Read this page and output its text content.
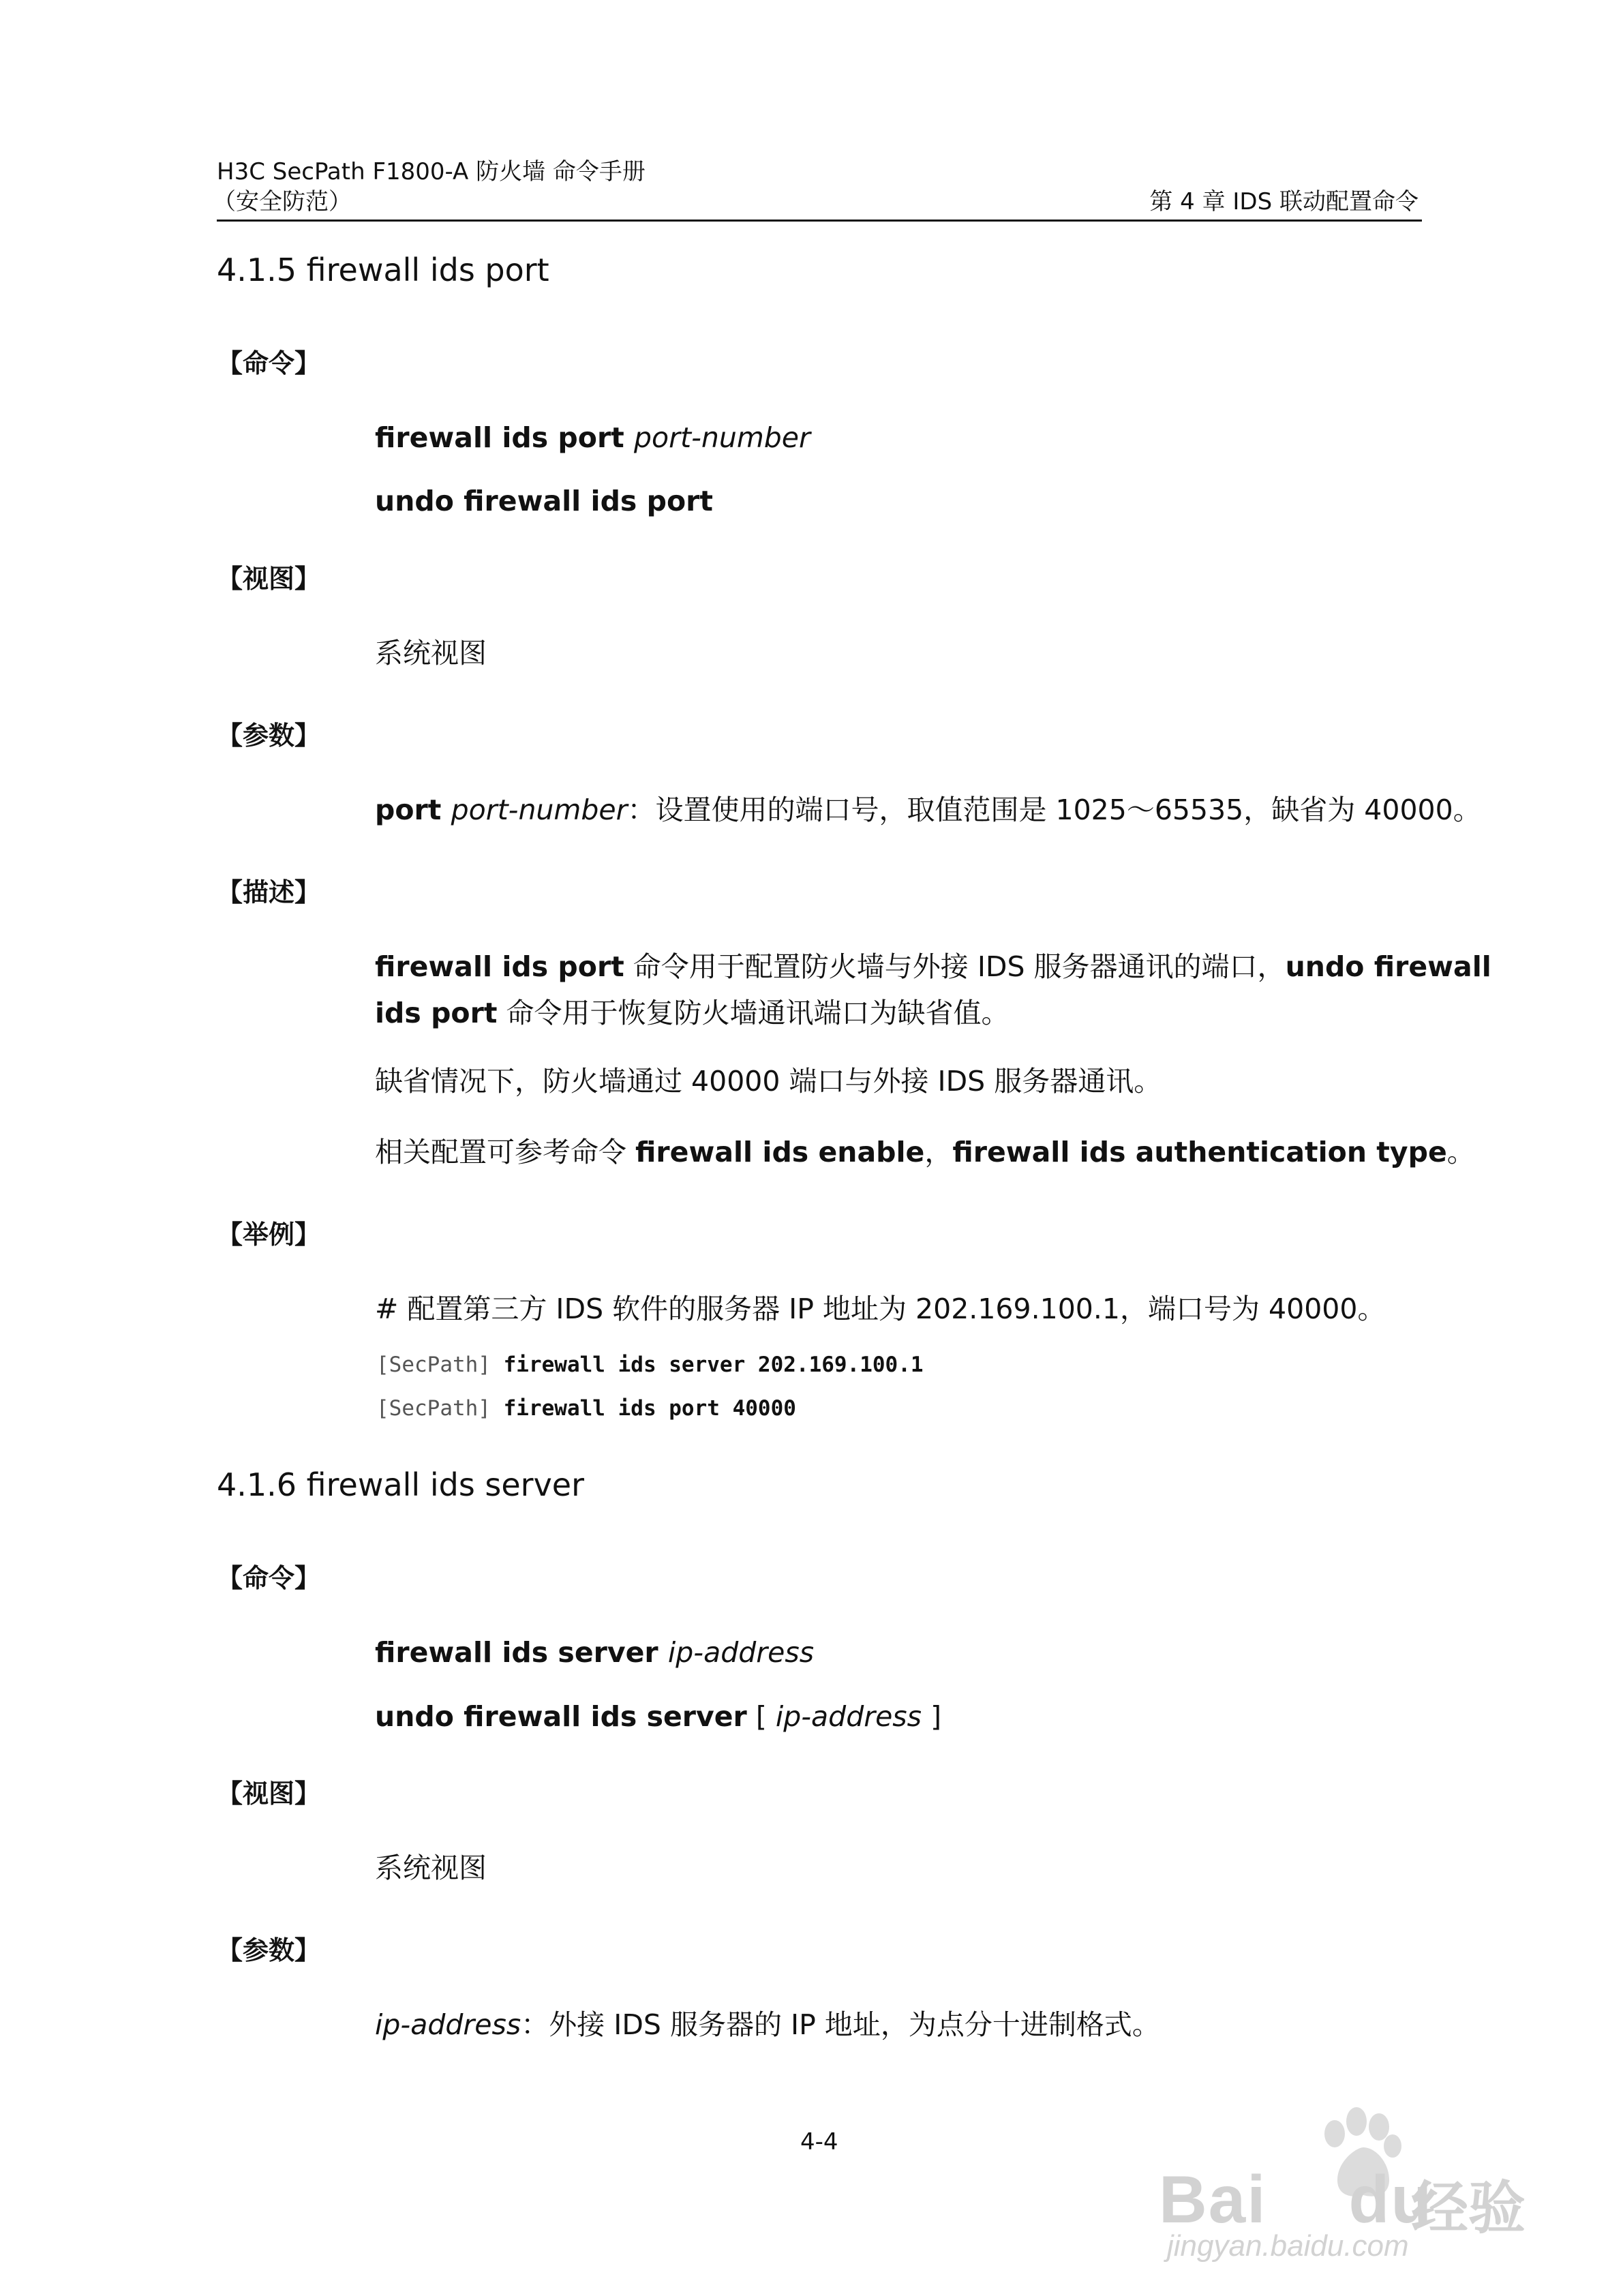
H3C SecPath F1800-A 防火墙 命令手册
（安全防范）	第 4 章 IDS 联动配置命令
4.1.5 firewall ids port
【命令】
firewall ids port port-number
undo firewall ids port
【视图】
系统视图
【参数】
port port-number：设置使用的端口号，取值范围是 1025～65535，缺省为 40000。
【描述】
firewall ids port 命令用于配置防火墙与外接 IDS 服务器通讯的端口，undo firewall
ids port 命令用于恢复防火墙通讯端口为缺省值。
缺省情况下，防火墙通过 40000 端口与外接 IDS 服务器通讯。
相关配置可参考命令 firewall ids enable，firewall ids authentication type。
【举例】
# 配置第三方 IDS 软件的服务器 IP 地址为 202.169.100.1，端口号为 40000。
[SecPath] firewall ids server 202.169.100.1
[SecPath] firewall ids port 40000
4.1.6 firewall ids server
【命令】
firewall ids server ip-address
undo firewall ids server [ ip-address ]
【视图】
系统视图
【参数】
ip-address：外接 IDS 服务器的 IP 地址，为点分十进制格式。
4-4
Bai du
经验
jingyan.baidu.com
